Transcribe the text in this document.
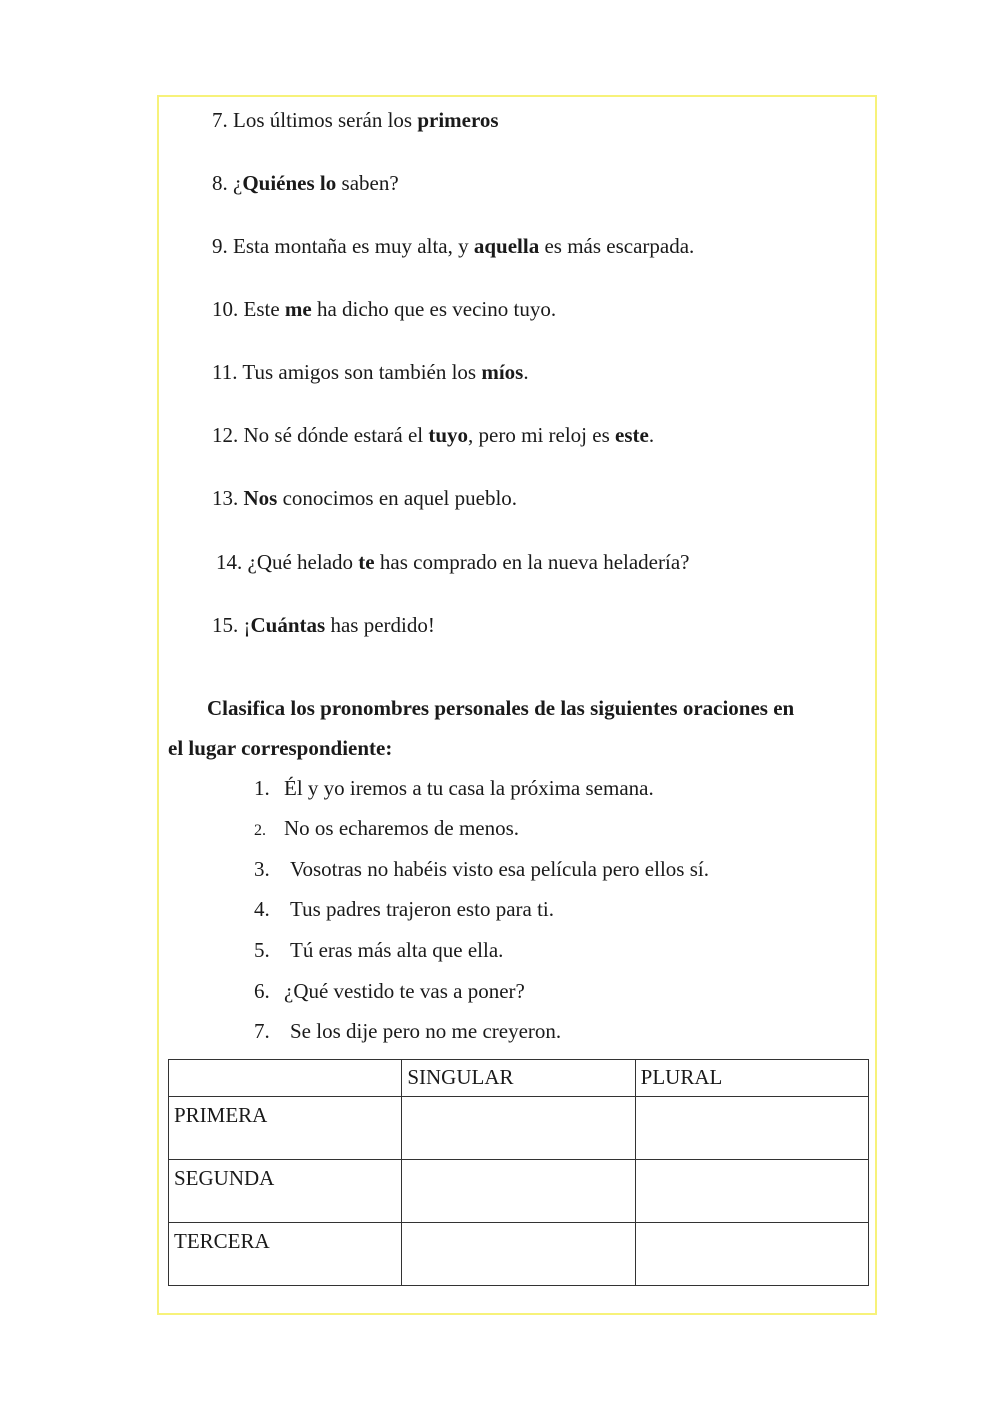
7. Los últimos serán los primeros
8. ¿Quiénes lo saben?
9. Esta montaña es muy alta, y aquella es más escarpada.
10. Este me ha dicho que es vecino tuyo.
11. Tus amigos son también los míos.
12. No sé dónde estará el tuyo, pero mi reloj es este.
13. Nos conocimos en aquel pueblo.
14. ¿Qué helado te has comprado en la nueva heladería?
15. ¡Cuántas has perdido!
Clasifica los pronombres personales de las siguientes oraciones en
el lugar correspondiente:
1. Él y yo iremos a tu casa la próxima semana.
2. No os echaremos de menos.
3. Vosotras no habéis visto esa película pero ellos sí.
4. Tus padres trajeron esto para ti.
5. Tú eras más alta que ella.
6. ¿Qué vestido te vas a poner?
7. Se los dije pero no me creyeron.
	SINGULAR	PLURAL
PRIMERA		
SEGUNDA		
TERCERA		
